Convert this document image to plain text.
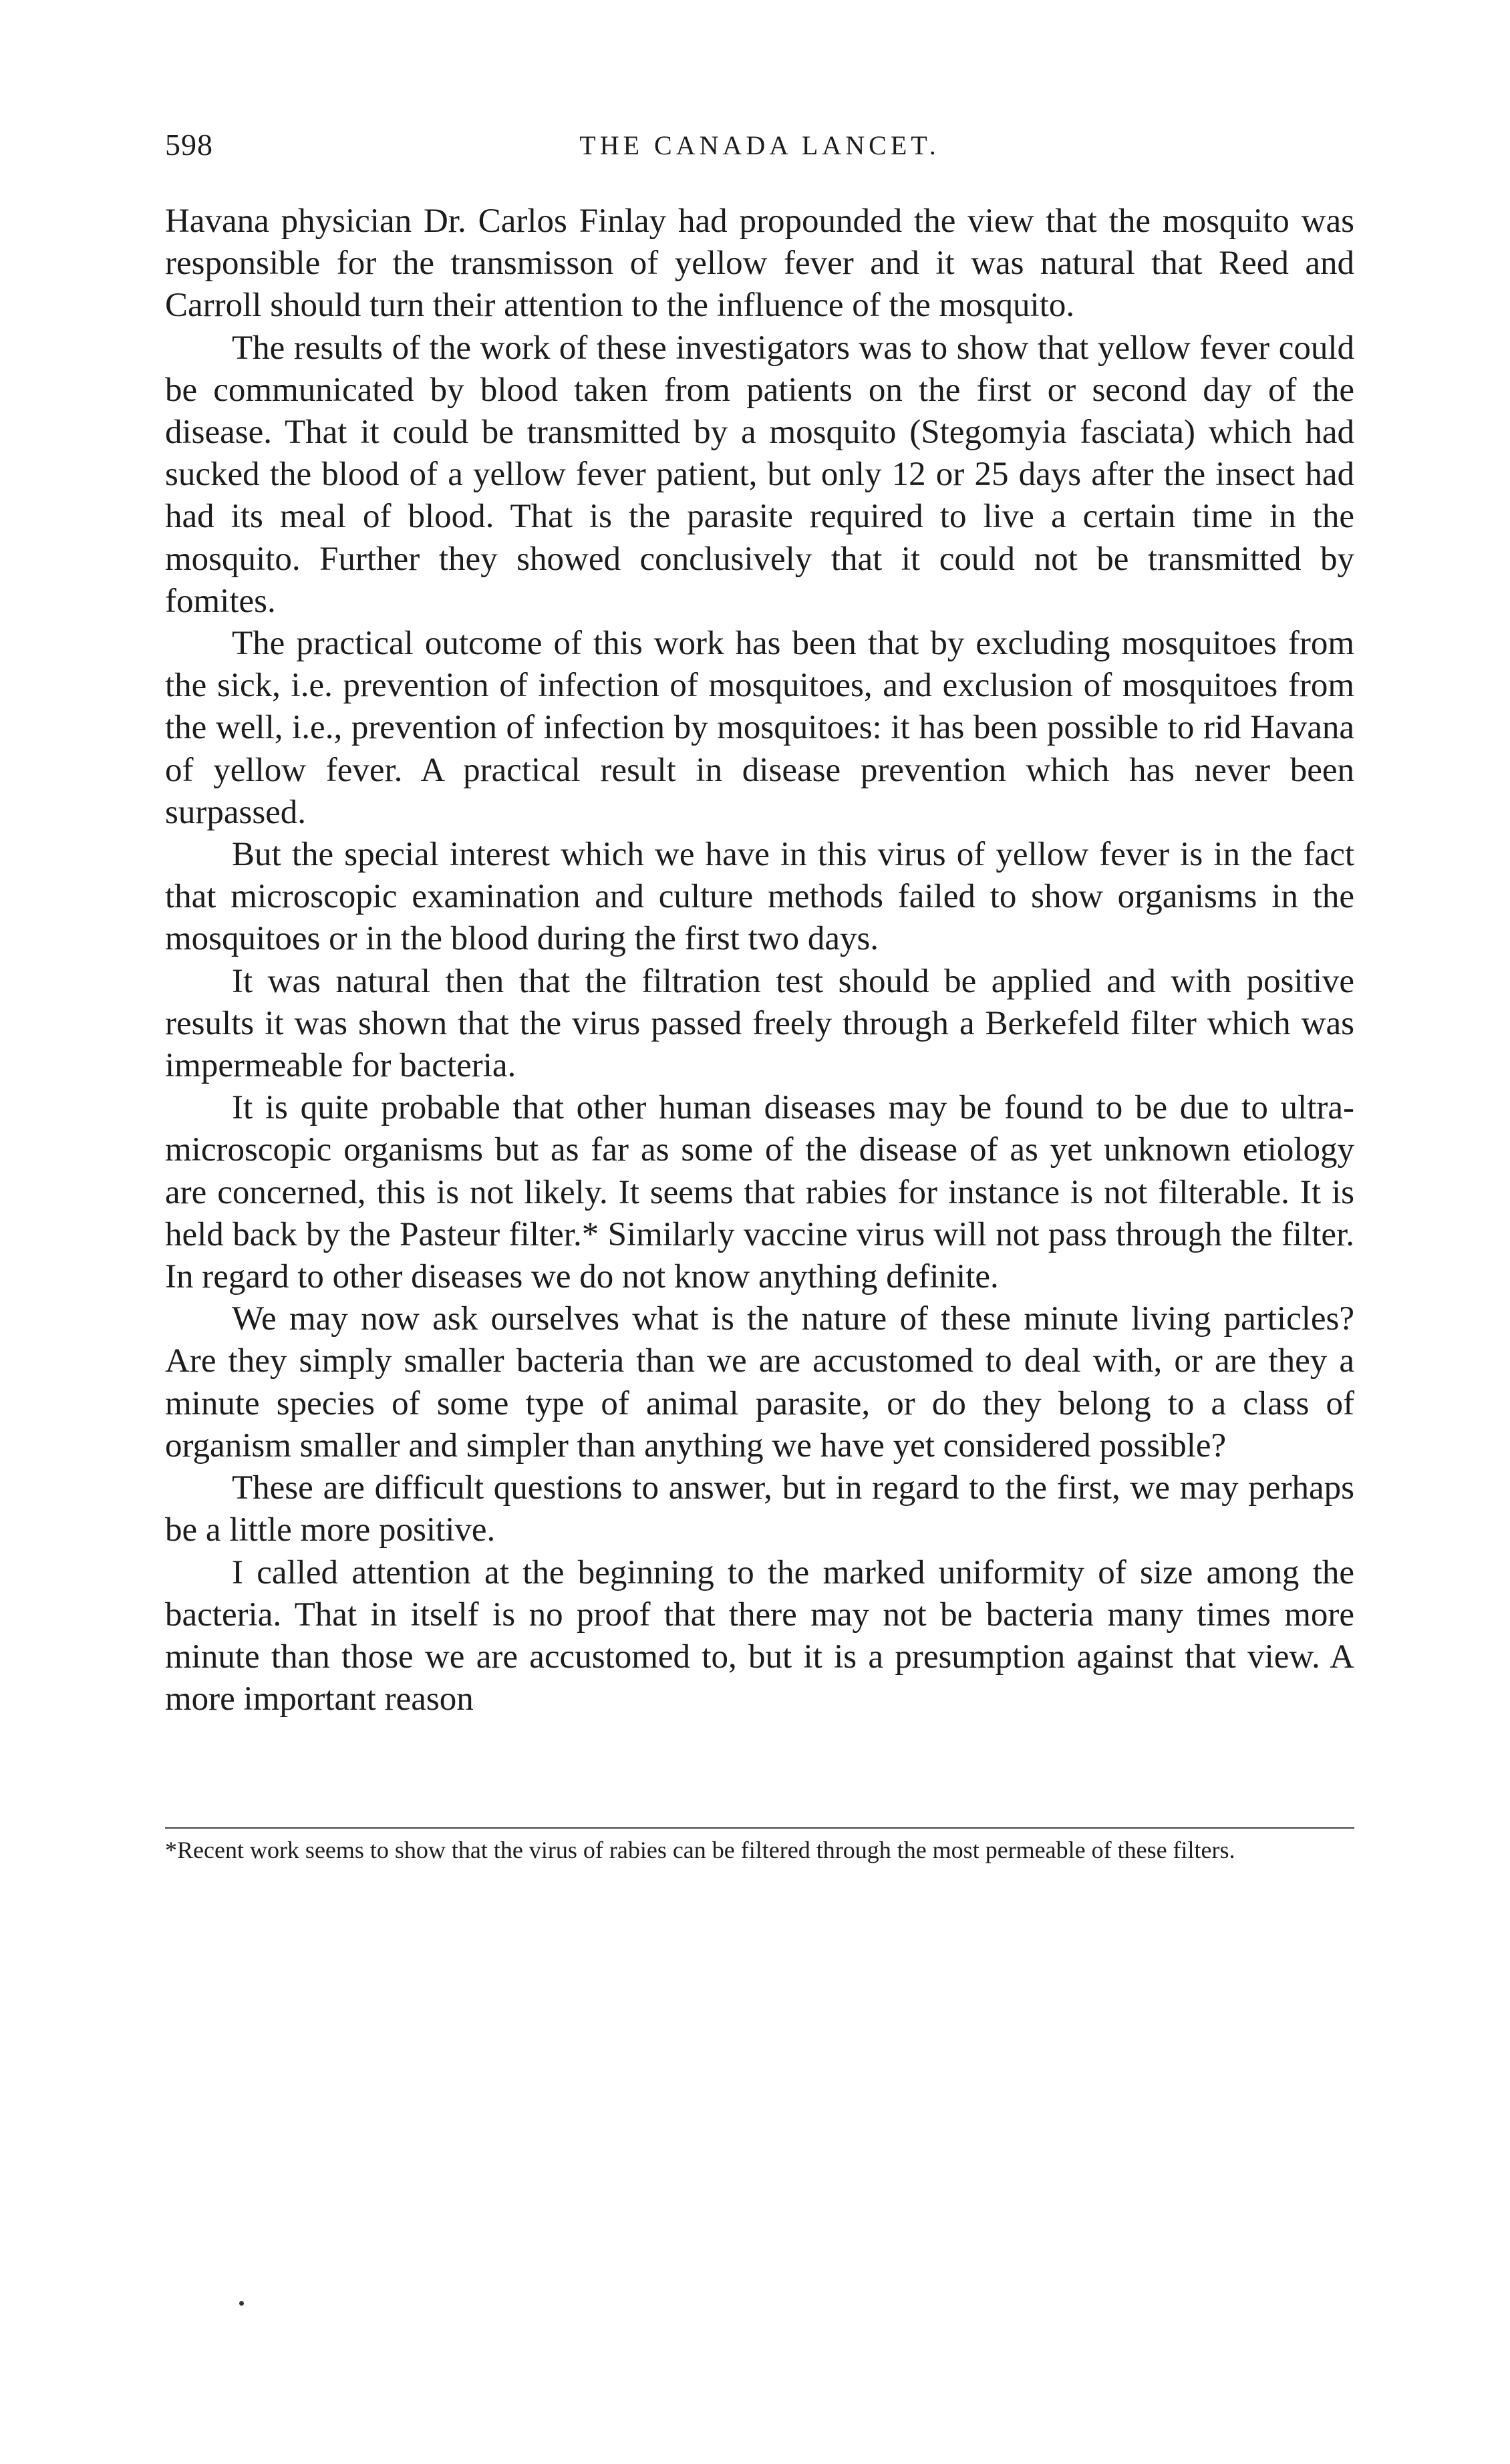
598	THE CANADA LANCET.

Havana physician Dr. Carlos Finlay had propounded the view that the mosquito was responsible for the transmisson of yellow fever and it was natural that Reed and Carroll should turn their attention to the influence of the mosquito.

The results of the work of these investigators was to show that yellow fever could be communicated by blood taken from patients on the first or second day of the disease. That it could be transmitted by a mosquito (Stegomyia fasciata) which had sucked the blood of a yellow fever patient, but only 12 or 25 days after the insect had had its meal of blood. That is the parasite required to live a certain time in the mosquito. Further they showed conclusively that it could not be transmitted by fomites.

The practical outcome of this work has been that by excluding mosquitoes from the sick, i.e. prevention of infection of mosquitoes, and exclusion of mosquitoes from the well, i.e., prevention of infection by mosquitoes: it has been possible to rid Havana of yellow fever. A practical result in disease prevention which has never been surpassed.

But the special interest which we have in this virus of yellow fever is in the fact that microscopic examination and culture methods failed to show organisms in the mosquitoes or in the blood during the first two days.

It was natural then that the filtration test should be applied and with positive results it was shown that the virus passed freely through a Berkefeld filter which was impermeable for bacteria.

It is quite probable that other human diseases may be found to be due to ultra-microscopic organisms but as far as some of the disease of as yet unknown etiology are concerned, this is not likely. It seems that rabies for instance is not filterable. It is held back by the Pasteur filter.* Similarly vaccine virus will not pass through the filter. In regard to other diseases we do not know anything definite.

We may now ask ourselves what is the nature of these minute living particles? Are they simply smaller bacteria than we are accustomed to deal with, or are they a minute species of some type of animal parasite, or do they belong to a class of organism smaller and simpler than anything we have yet considered possible?

These are difficult questions to answer, but in regard to the first, we may perhaps be a little more positive.

I called attention at the beginning to the marked uniformity of size among the bacteria. That in itself is no proof that there may not be bacteria many times more minute than those we are accustomed to, but it is a presumption against that view. A more important reason

*Recent work seems to show that the virus of rabies can be filtered through the most permeable of these filters.
